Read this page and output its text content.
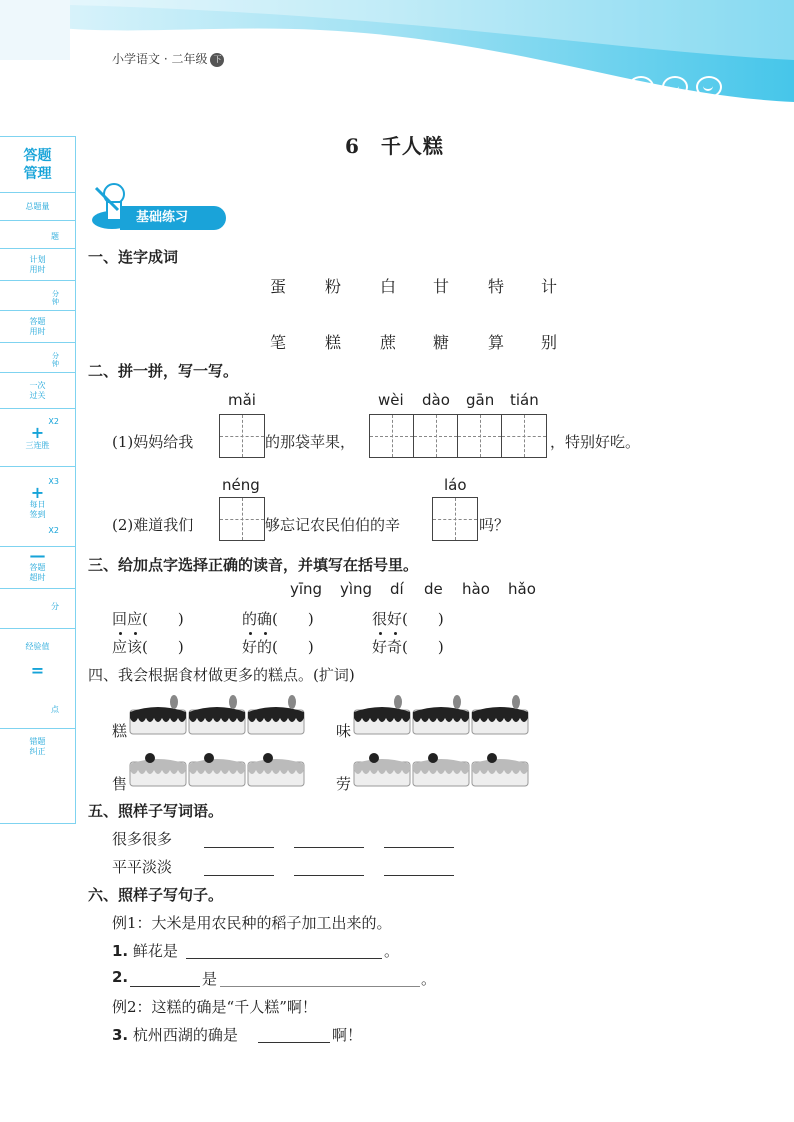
小学语文 · 二年级 下册
答题
管理
总题量
题
计划
用时
分
钟
答题
用时
分
钟
一次
过关
X2
+
三连胜
X3
+
每日
签到
X2
—
答题
超时
分
经验值
=
点
错题
纠正
6　千人糕
基础练习
一、连字成词
蛋 粉 白 甘 特 计
笔 糕 蔗 糖 算 别
二、拼一拼，写一写。
mǎi	wèi dào gān tián
(1)妈妈给我	的那袋苹果，	，特别好吃。
néng	láo
(2)难道我们	够忘记农民伯伯的辛	吗？
三、给加点字选择正确的读音，并填写在括号里。
yīng yìng dí de hào hǎo
回应(　　)	的确(　　)	很好(　　)
应该(　　)	好的(　　)	好奇(　　)
四、我会根据食材做更多的糕点。(扩词)
糕	味
售	劳
五、照样子写词语。
很多很多
平平淡淡
六、照样子写句子。
例1：大米是用农民种的稻子加工出来的。
1. 鲜花是	。
2.	是	。
例2：这糕的确是“千人糕”啊！
3. 杭州西湖的确是	啊！
